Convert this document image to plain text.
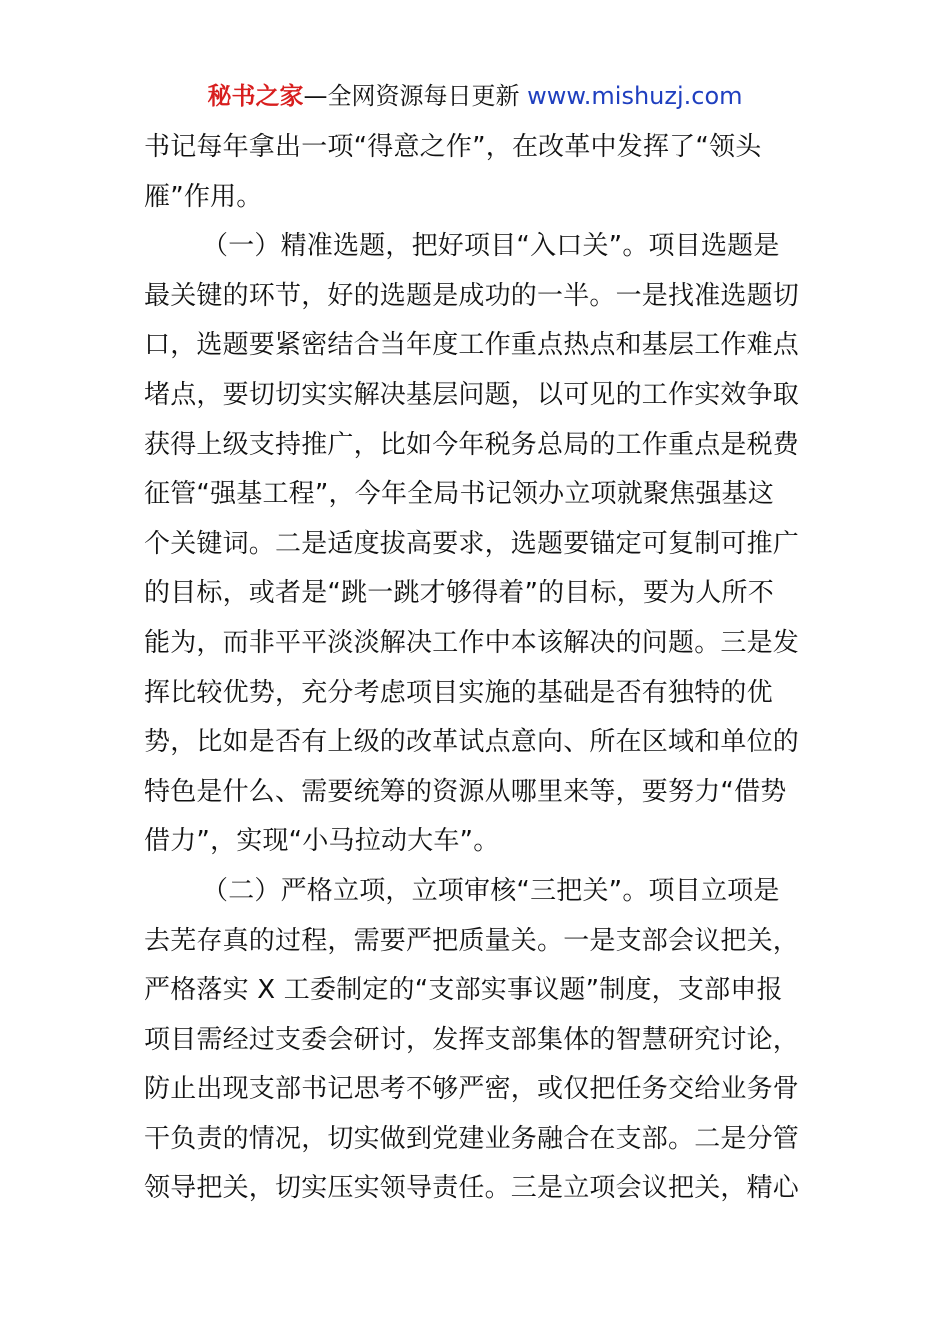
秘书之家—全网资源每日更新 www.mishuzj.com
书记每年拿出一项“得意之作”，在改革中发挥了“领头
雁”作用。
（一）精准选题，把好项目“入口关”。项目选题是
最关键的环节，好的选题是成功的一半。一是找准选题切
口，选题要紧密结合当年度工作重点热点和基层工作难点
堵点，要切切实实解决基层问题，以可见的工作实效争取
获得上级支持推广，比如今年税务总局的工作重点是税费
征管“强基工程”，今年全局书记领办立项就聚焦强基这
个关键词。二是适度拔高要求，选题要锚定可复制可推广
的目标，或者是“跳一跳才够得着”的目标，要为人所不
能为，而非平平淡淡解决工作中本该解决的问题。三是发
挥比较优势，充分考虑项目实施的基础是否有独特的优
势，比如是否有上级的改革试点意向、所在区域和单位的
特色是什么、需要统筹的资源从哪里来等，要努力“借势
借力”，实现“小马拉动大车”。
（二）严格立项，立项审核“三把关”。项目立项是
去芜存真的过程，需要严把质量关。一是支部会议把关，
严格落实 X 工委制定的“支部实事议题”制度，支部申报
项目需经过支委会研讨，发挥支部集体的智慧研究讨论，
防止出现支部书记思考不够严密，或仅把任务交给业务骨
干负责的情况，切实做到党建业务融合在支部。二是分管
领导把关，切实压实领导责任。三是立项会议把关，精心
